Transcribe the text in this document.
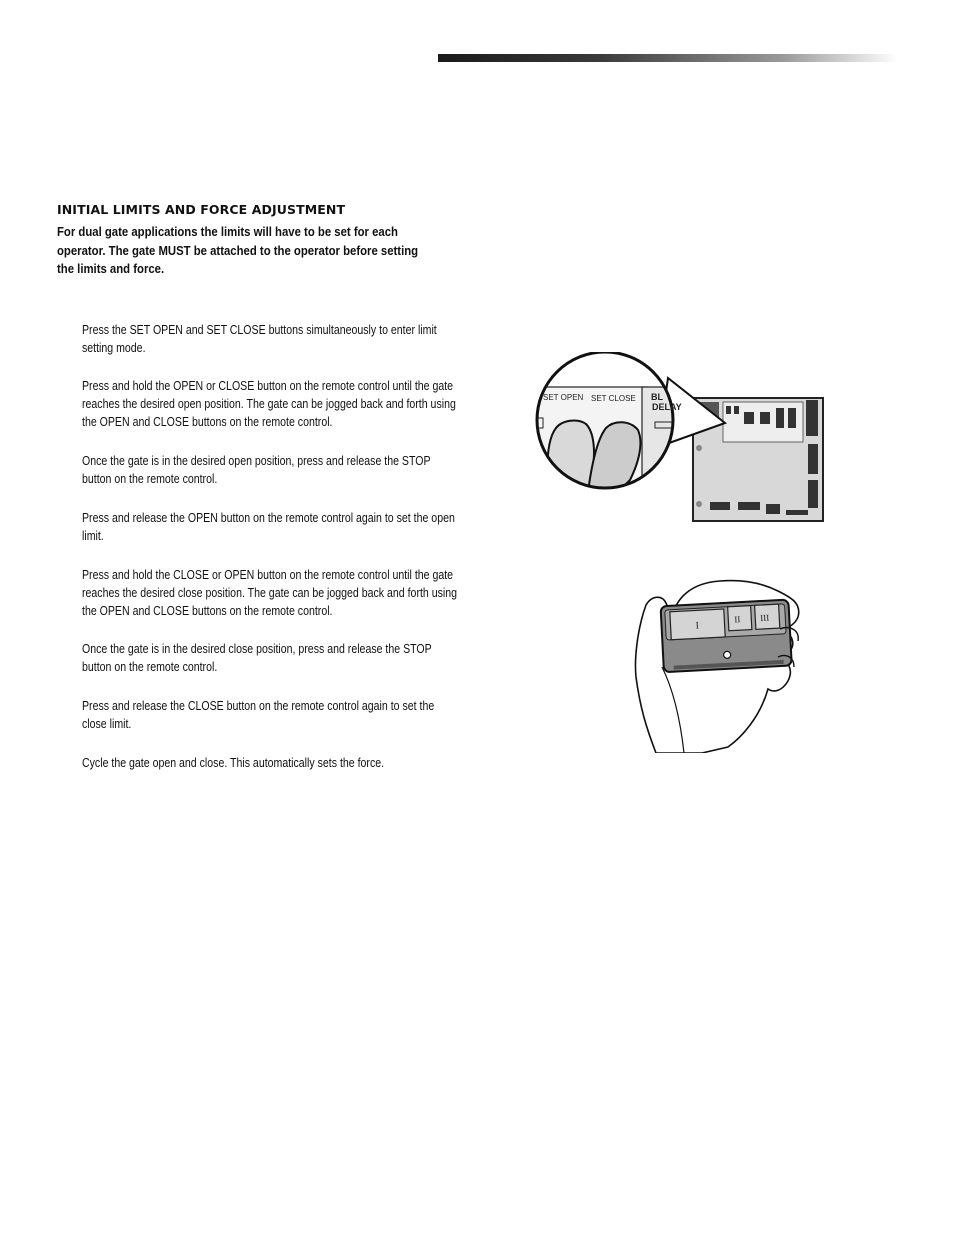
INITIAL LIMITS AND FORCE ADJUSTMENT

For dual gate applications the limits will have to be set for each operator. The gate MUST be attached to the operator before setting the limits and force.

Press the SET OPEN and SET CLOSE buttons simultaneously to enter limit setting mode.

Press and hold the OPEN or CLOSE button on the remote control until the gate reaches the desired open position. The gate can be jogged back and forth using the OPEN and CLOSE buttons on the remote control.

Once the gate is in the desired open position, press and release the STOP button on the remote control.

Press and release the OPEN button on the remote control again to set the open limit.

Press and hold the CLOSE or OPEN button on the remote control until the gate reaches the desired close position. The gate can be jogged back and forth using the OPEN and CLOSE buttons on the remote control.

Once the gate is in the desired close position, press and release the STOP button on the remote control.

Press and release the CLOSE button on the remote control again to set the close limit.

Cycle the gate open and close. This automatically sets the force.

SET OPEN SET CLOSE BL
DELAY
I
II III
